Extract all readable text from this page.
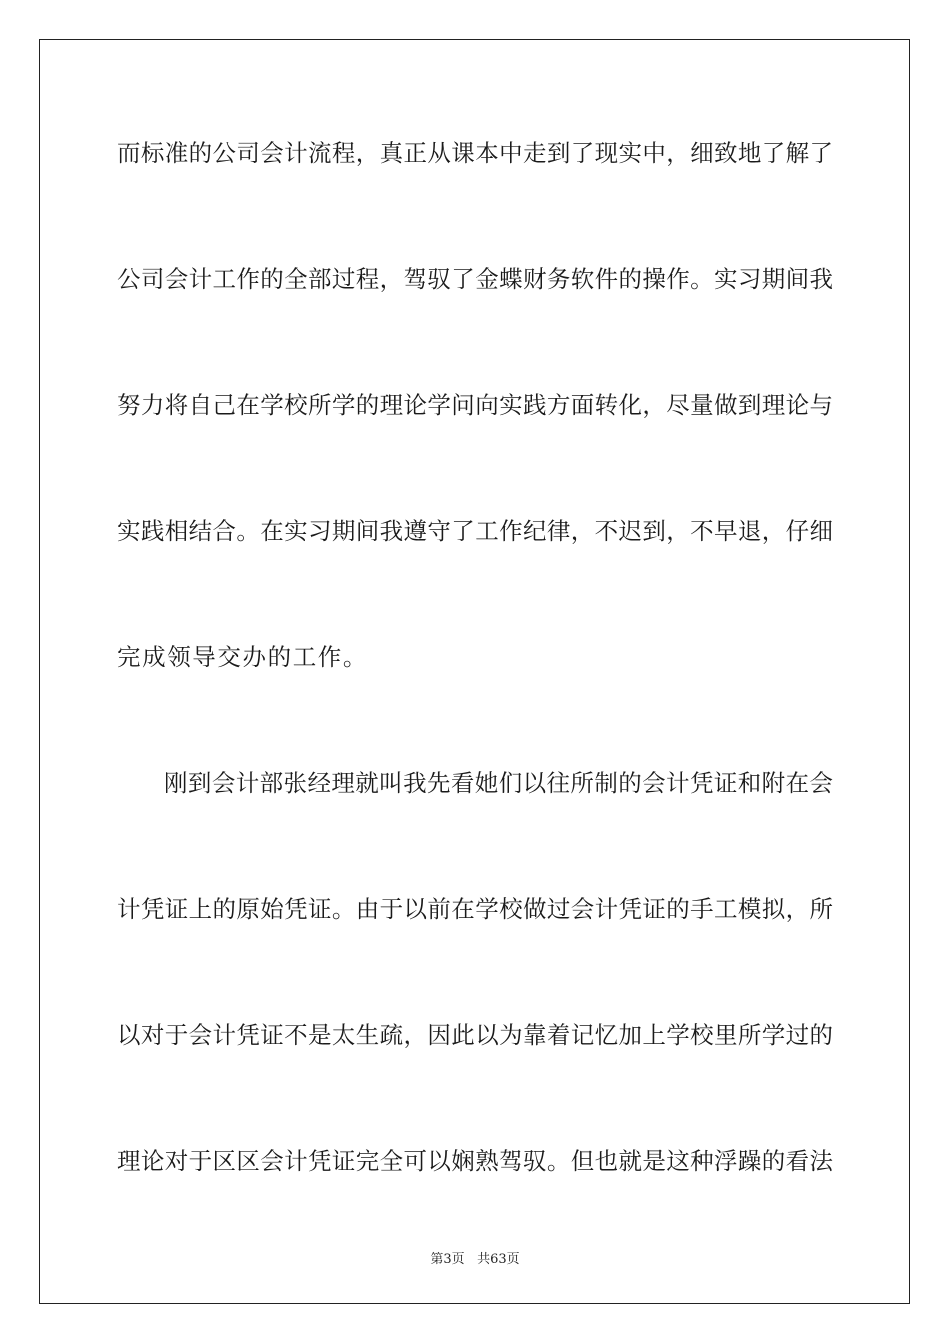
而标准的公司会计流程，真正从课本中走到了现实中，细致地了解了
公司会计工作的全部过程，驾驭了金蝶财务软件的操作。实习期间我
努力将自己在学校所学的理论学问向实践方面转化，尽量做到理论与
实践相结合。在实习期间我遵守了工作纪律，不迟到，不早退，仔细
完成领导交办的工作。
刚到会计部张经理就叫我先看她们以往所制的会计凭证和附在会
计凭证上的原始凭证。由于以前在学校做过会计凭证的手工模拟，所
以对于会计凭证不是太生疏，因此以为靠着记忆加上学校里所学过的
理论对于区区会计凭证完全可以娴熟驾驭。但也就是这种浮躁的看法
第3页 共63页
